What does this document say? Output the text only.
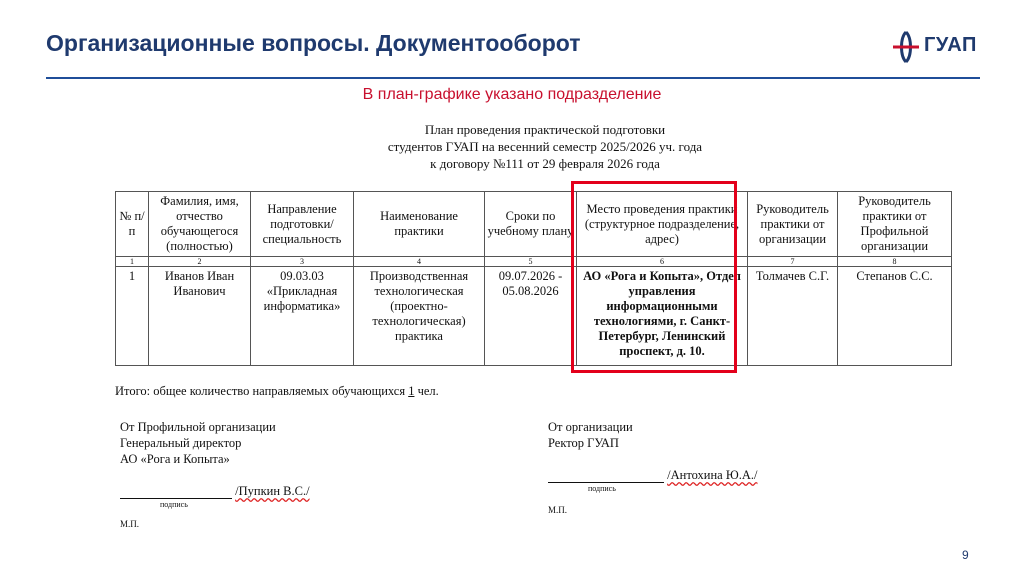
Организационные вопросы. Документооборот	ГУАП
В план-графике указано подразделение
План проведения практической подготовки
студентов ГУАП на весенний семестр 2025/2026 уч. года
к договору №111 от 29 февраля 2026 года
№ п/п	Фамилия, имя, отчество обучающегося (полностью)	Направление подготовки/ специальность	Наименование практики	Сроки по учебному плану	Место проведения практики (структурное подразделение, адрес)	Руководитель практики от организации	Руководитель практики от Профильной организации
1	2	3	4	5	6	7	8
1	Иванов Иван Иванович	09.03.03 «Прикладная информатика»	Производственная технологическая (проектно-технологическая) практика	09.07.2026 - 05.08.2026	АО «Рога и Копыта», Отдел управления информационными технологиями, г. Санкт-Петербург, Ленинский проспект, д. 10.	Толмачев С.Г.	Степанов С.С.
Итого: общее количество направляемых обучающихся 1 чел.
От Профильной организации
Генеральный директор
АО «Рога и Копыта»
/Пупкин В.С./
подпись
М.П.
От организации
Ректор ГУАП
/Антохина Ю.А./
подпись
М.П.
9
